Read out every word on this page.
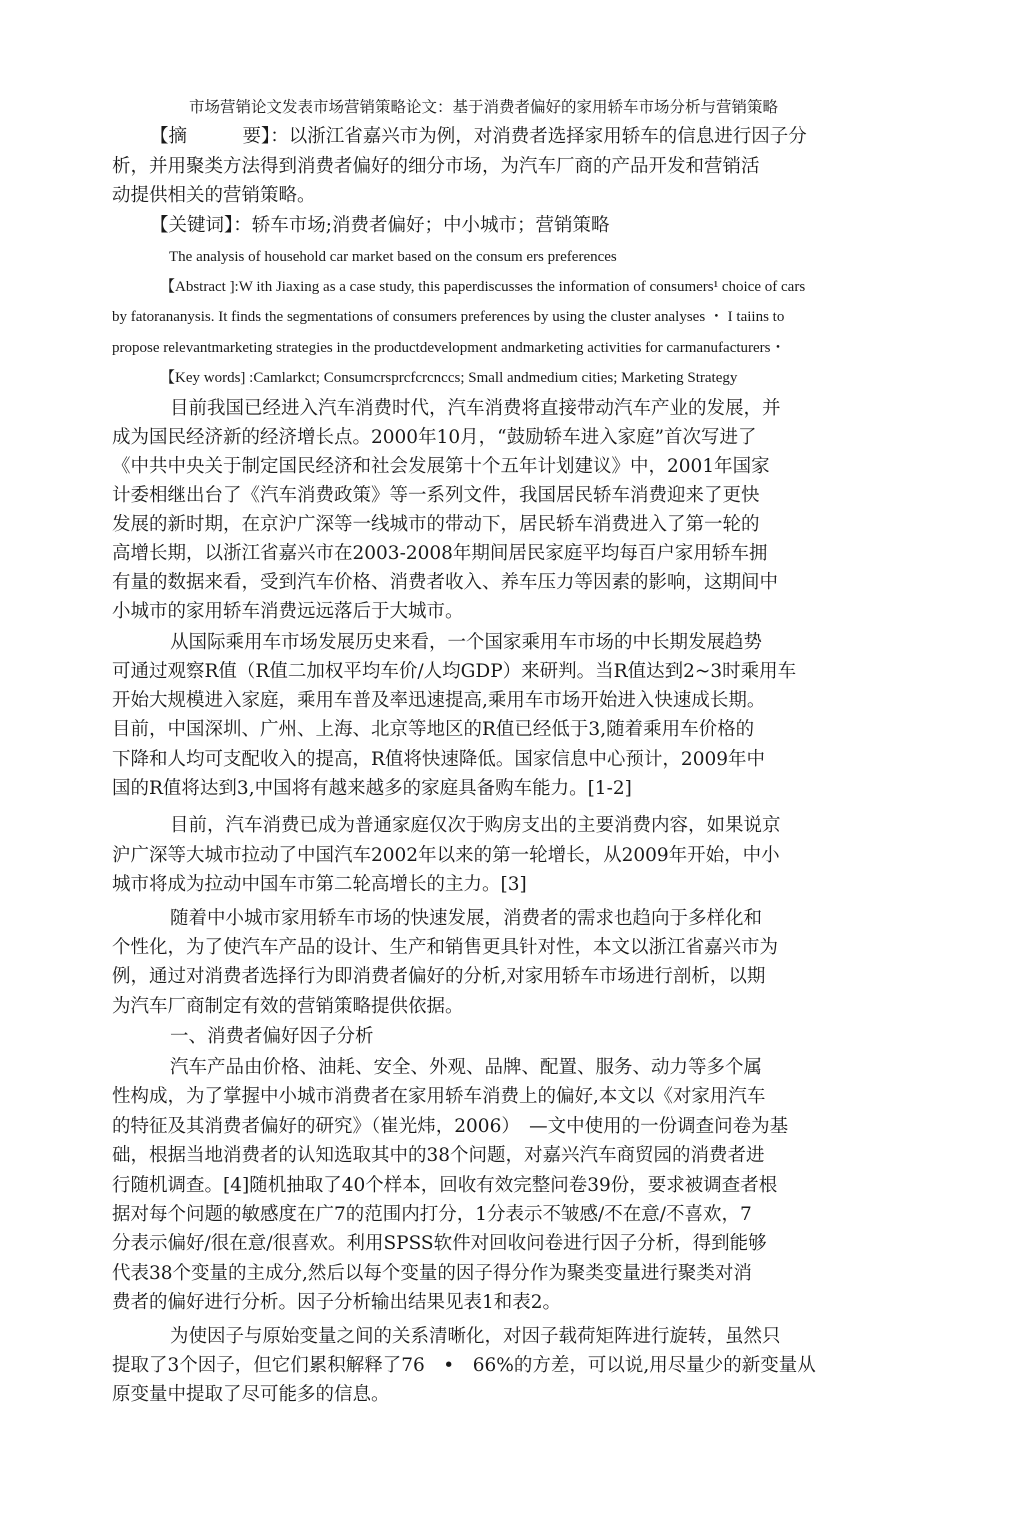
市场营销论文发表市场营销策略论文：基于消费者偏好的家用轿车市场分析与营销策略
【摘　　　要】：以浙江省嘉兴市为例，对消费者选择家用轿车的信息进行因子分
析，并用聚类方法得到消费者偏好的细分市场，为汽车厂商的产品开发和营销活
动提供相关的营销策略。
【关键词】：轿车市场;消费者偏好；中小城市；营销策略
The analysis of household car market based on the consum ers preferences
【Abstract ]:W ith Jiaxing as a case study, this paperdiscusses the information of consumers¹ choice of cars
by fatorananysis. It finds the segmentations of consumers preferences by using the cluster analyses ・ I taiins to
propose relevantmarketing strategies in the productdevelopment andmarketing activities for carmanufacturers・
【Key words] :Camlarkct; Consumcrsprcfcrcnccs; Small andmedium cities; Marketing Strategy
目前我国已经进入汽车消费时代，汽车消费将直接带动汽车产业的发展，并
成为国民经济新的经济增长点。2000年10月，“鼓励轿车进入家庭”首次写进了
《中共中央关于制定国民经济和社会发展第十个五年计划建议》中，2001年国家
计委相继出台了《汽车消费政策》等一系列文件，我国居民轿车消费迎来了更快
发展的新时期，在京沪广深等一线城市的带动下，居民轿车消费进入了第一轮的
高增长期，以浙江省嘉兴市在2003-2008年期间居民家庭平均每百户家用轿车拥
有量的数据来看，受到汽车价格、消费者收入、养车压力等因素的影响，这期间中
小城市的家用轿车消费远远落后于大城市。
从国际乘用车市场发展历史来看，一个国家乘用车市场的中长期发展趋势
可通过观察R值（R值二加权平均车价/人均GDP）来研判。当R值达到2~3时乘用车
开始大规模进入家庭，乘用车普及率迅速提高,乘用车市场开始进入快速成长期。
目前，中国深圳、广州、上海、北京等地区的R值已经低于3,随着乘用车价格的
下降和人均可支配收入的提高，R值将快速降低。国家信息中心预计，2009年中
国的R值将达到3,中国将有越来越多的家庭具备购车能力。[1-2]
目前，汽车消费已成为普通家庭仅次于购房支出的主要消费内容，如果说京
沪广深等大城市拉动了中国汽车2002年以来的第一轮增长，从2009年开始，中小
城市将成为拉动中国车市第二轮高增长的主力。[3]
随着中小城市家用轿车市场的快速发展，消费者的需求也趋向于多样化和
个性化，为了使汽车产品的设计、生产和销售更具针对性，本文以浙江省嘉兴市为
例，通过对消费者选择行为即消费者偏好的分析,对家用轿车市场进行剖析，以期
为汽车厂商制定有效的营销策略提供依据。
一、消费者偏好因子分析
汽车产品由价格、油耗、安全、外观、品牌、配置、服务、动力等多个属
性构成，为了掌握中小城市消费者在家用轿车消费上的偏好,本文以《对家用汽车
的特征及其消费者偏好的研究》（崔光炜，2006）　—文中使用的一份调查问卷为基
础，根据当地消费者的认知选取其中的38个问题，对嘉兴汽车商贸园的消费者进
行随机调查。[4]随机抽取了40个样本，回收有效完整问卷39份，要求被调查者根
据对每个问题的敏感度在广7的范围内打分，1分表示不皱感/不在意/不喜欢，7
分表示偏好/很在意/很喜欢。利用SPSS软件对回收问卷进行因子分析，得到能够
代表38个变量的主成分,然后以每个变量的因子得分作为聚类变量进行聚类对消
费者的偏好进行分析。因子分析输出结果见表1和表2。
为使因子与原始变量之间的关系清晰化，对因子载荷矩阵进行旋转，虽然只
提取了3个因子，但它们累积解释了76　•　66%的方差，可以说,用尽量少的新变量从
原变量中提取了尽可能多的信息。
